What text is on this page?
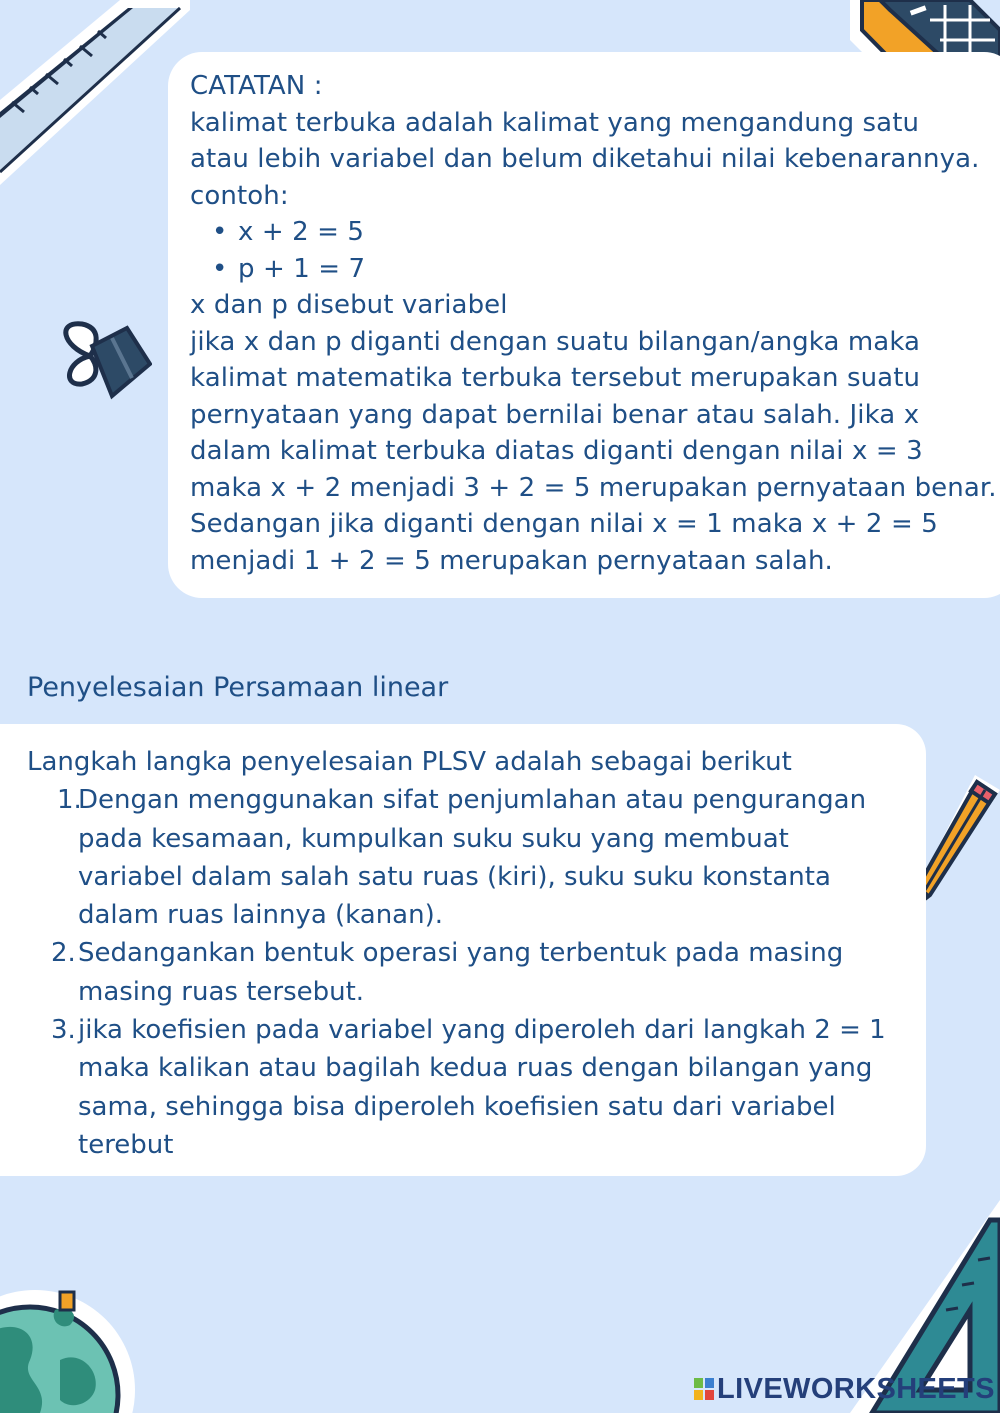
CATATAN :
kalimat terbuka adalah kalimat yang mengandung satu
atau lebih variabel dan belum diketahui nilai kebenarannya.
contoh:
• x + 2 = 5
• p + 1 = 7
x dan p disebut variabel
jika x dan p diganti dengan suatu bilangan/angka maka
kalimat matematika terbuka tersebut merupakan suatu
pernyataan yang dapat bernilai benar atau salah. Jika x
dalam kalimat terbuka diatas diganti dengan nilai x = 3
maka x + 2 menjadi 3 + 2 = 5 merupakan pernyataan benar.
Sedangan jika diganti dengan nilai x = 1 maka x + 2 = 5
menjadi 1 + 2 = 5 merupakan pernyataan salah.
Penyelesaian Persamaan linear
Langkah langka penyelesaian PLSV adalah sebagai berikut
1.
Dengan menggunakan sifat penjumlahan atau pengurangan
pada kesamaan, kumpulkan suku suku yang membuat
variabel dalam salah satu ruas (kiri), suku suku konstanta
dalam ruas lainnya (kanan).
2. Sedangankan bentuk operasi yang terbentuk pada masing
masing ruas tersebut.
3. jika koefisien pada variabel yang diperoleh dari langkah 2 = 1
maka kalikan atau bagilah kedua ruas dengan bilangan yang
sama, sehingga bisa diperoleh koefisien satu dari variabel
terebut
LIVEWORKSHEETS
